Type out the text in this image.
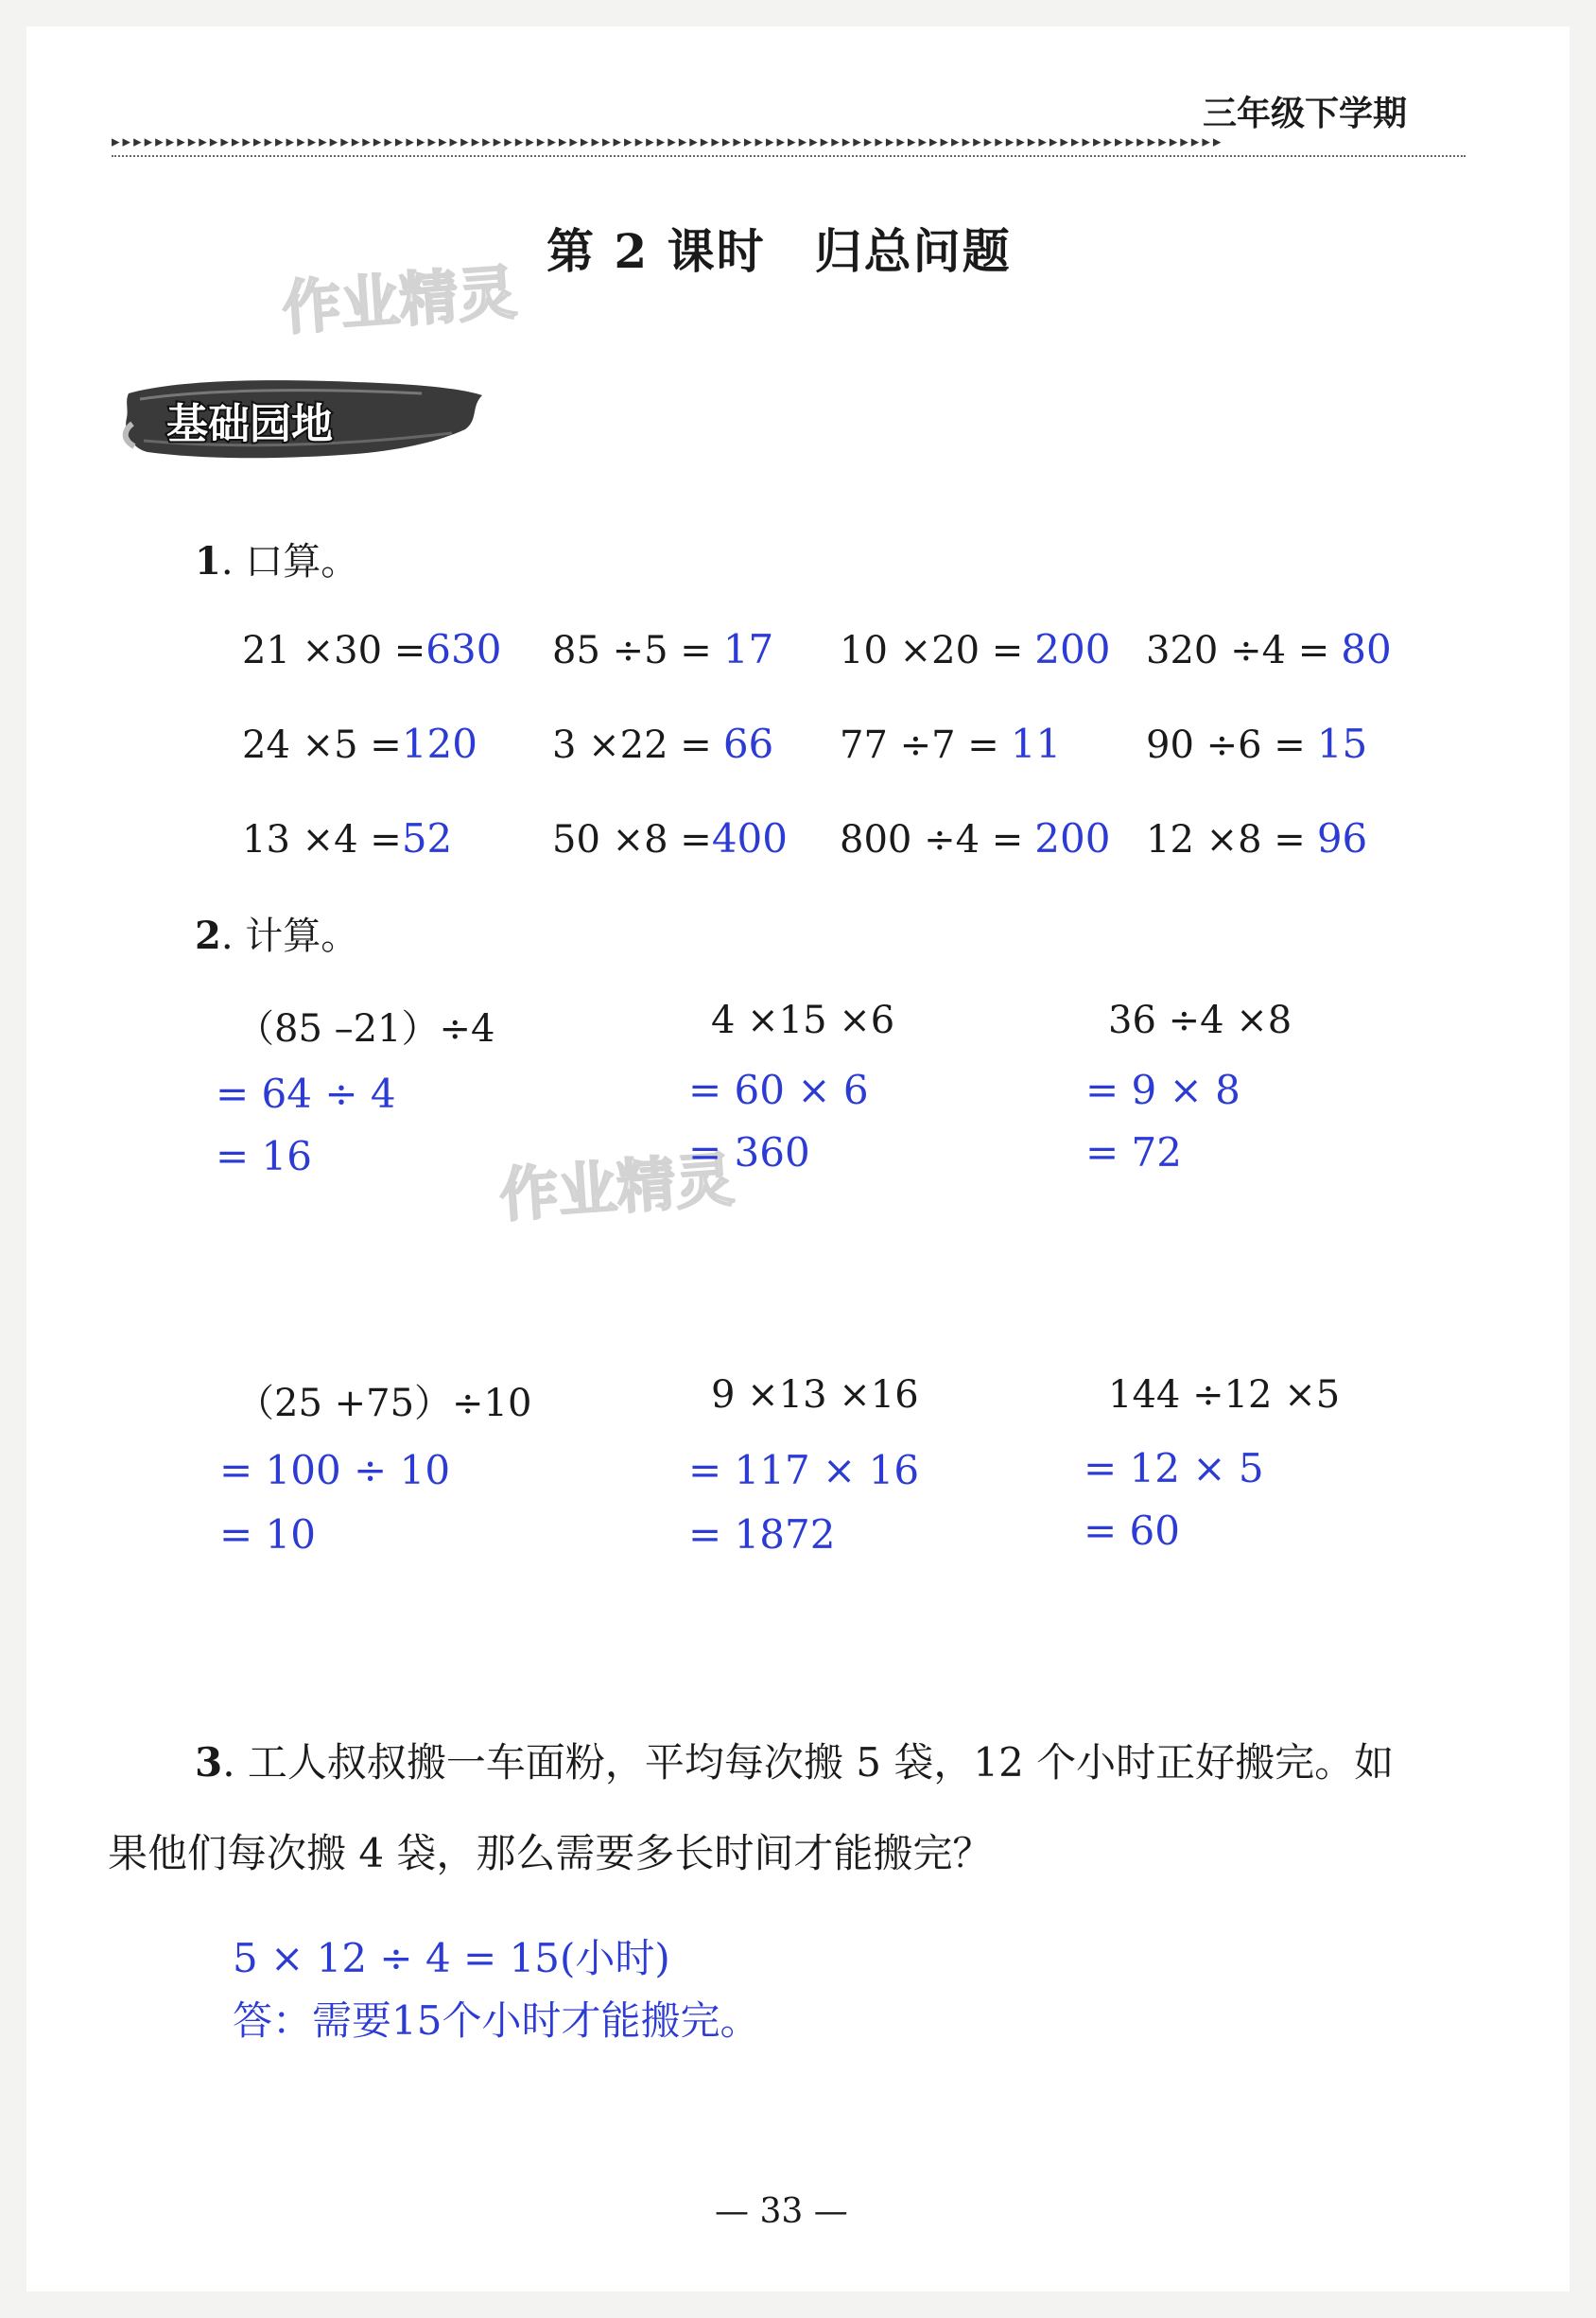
三年级下学期
▸▸▸▸▸▸▸▸▸▸▸▸▸▸▸▸▸▸▸▸▸▸▸▸▸▸▸▸▸▸▸▸▸▸▸▸▸▸▸▸▸▸▸▸▸▸▸▸▸▸▸▸▸▸▸▸▸▸▸▸▸▸▸▸▸▸▸▸▸▸▸▸▸▸▸▸▸▸▸▸▸▸▸▸▸▸▸▸▸▸▸▸▸▸▸▸▸▸▸▸▸▸
第 2 课时　归总问题
作业精灵
作业精灵
基础园地
1. 口算。
21 ×30 =630 85 ÷5 = 17 10 ×20 = 200 320 ÷4 = 80
24 ×5 =120 3 ×22 = 66 77 ÷7 = 11 90 ÷6 = 15
13 ×4 =52	50 ×8 =400 800 ÷4 = 200 12 ×8 = 96
2. 计算。
（85 –21）÷4
= 64 ÷ 4
= 16
4 ×15 ×6
= 60 × 6
= 360
36 ÷4 ×8
= 9 × 8
= 72
（25 +75）÷10
= 100 ÷ 10
= 10
9 ×13 ×16
= 117 × 16
= 1872
144 ÷12 ×5
= 12 × 5
= 60
3. 工人叔叔搬一车面粉，平均每次搬 5 袋，12 个小时正好搬完。如
果他们每次搬 4 袋，那么需要多长时间才能搬完？
5 × 12 ÷ 4 = 15(小时)
答：需要15个小时才能搬完。
— 33 —
